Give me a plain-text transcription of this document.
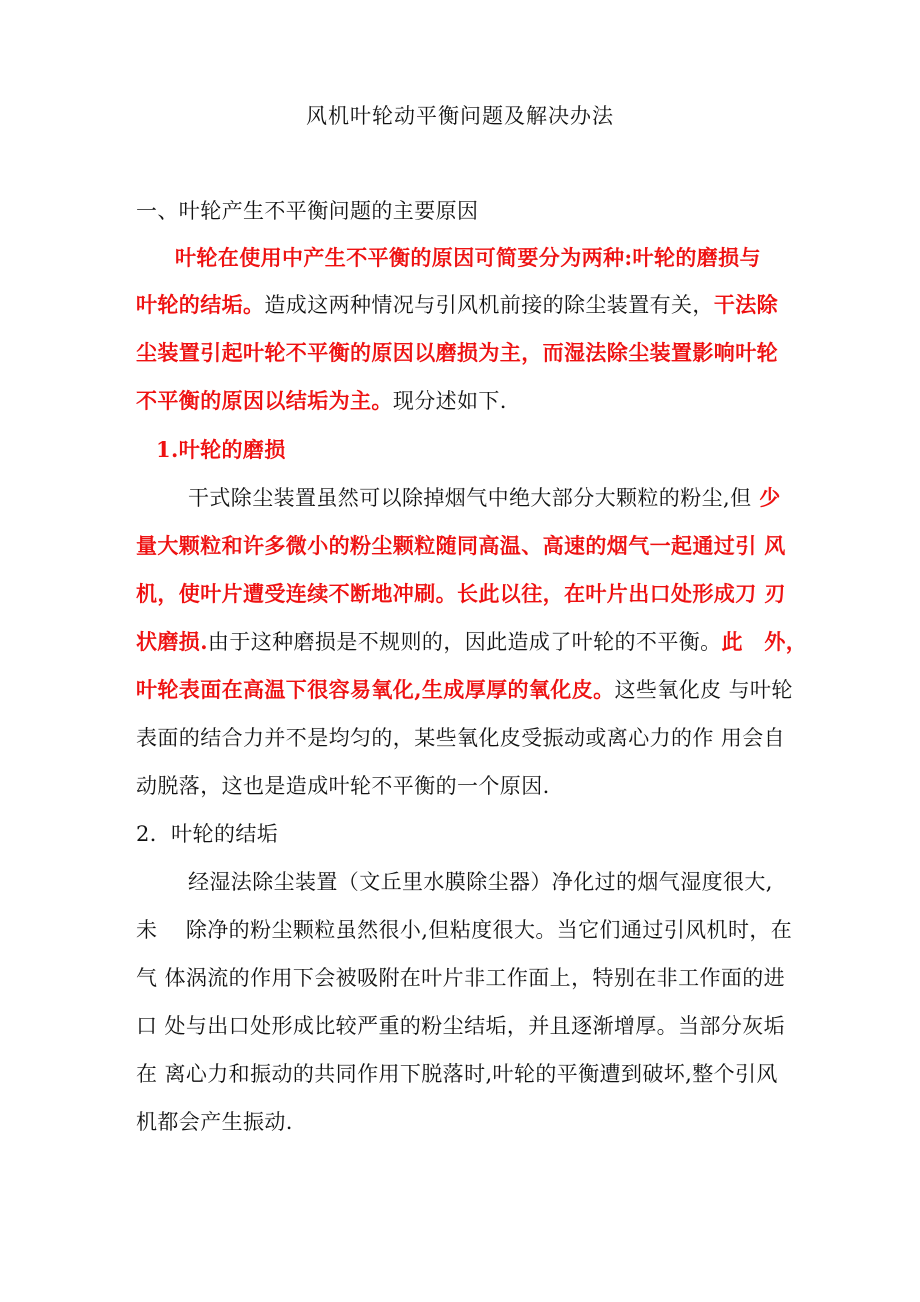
风机叶轮动平衡问题及解决办法
一、叶轮产生不平衡问题的主要原因
叶轮在使用中产生不平衡的原因可简要分为两种:叶轮的磨损与
叶轮的结垢。造成这两种情况与引风机前接的除尘装置有关，干法除
尘装置引起叶轮不平衡的原因以磨损为主，而湿法除尘装置影响叶轮
不平衡的原因以结垢为主。现分述如下.
1.叶轮的磨损
干式除尘装置虽然可以除掉烟气中绝大部分大颗粒的粉尘,但 少
量大颗粒和许多微小的粉尘颗粒随同高温、高速的烟气一起通过引 风
机，使叶片遭受连续不断地冲刷。长此以往，在叶片出口处形成刀 刃
状磨损.由于这种磨损是不规则的，因此造成了叶轮的不平衡。此　外，
叶轮表面在高温下很容易氧化,生成厚厚的氧化皮。这些氧化皮 与叶轮
表面的结合力并不是均匀的，某些氧化皮受振动或离心力的作 用会自
动脱落，这也是造成叶轮不平衡的一个原因.
2．叶轮的结垢
经湿法除尘装置（文丘里水膜除尘器）净化过的烟气湿度很大,
未　 除净的粉尘颗粒虽然很小,但粘度很大。当它们通过引风机时，在
气 体涡流的作用下会被吸附在叶片非工作面上，特别在非工作面的进
口 处与出口处形成比较严重的粉尘结垢，并且逐渐增厚。当部分灰垢
在 离心力和振动的共同作用下脱落时,叶轮的平衡遭到破坏,整个引风
机都会产生振动.
